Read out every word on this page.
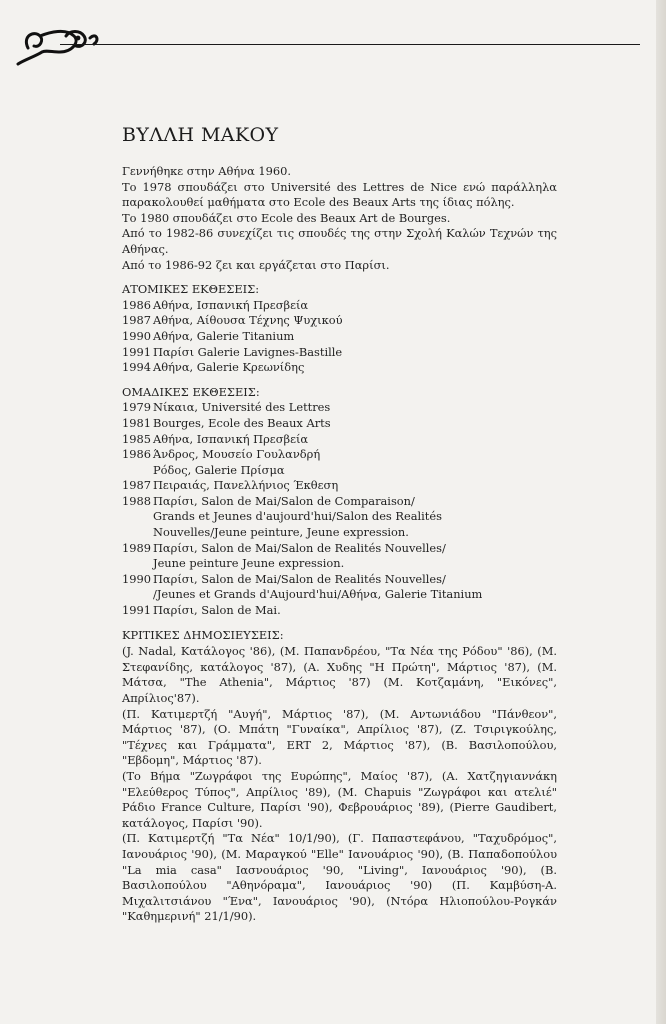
ΒΥΛΛΗ ΜΑΚΟΥ

Γεννήθηκε στην Αθήνα 1960.

Το 1978 σπουδάζει στο Université des Lettres de Nice ενώ παράλληλα παρακολουθεί μαθήματα στο Ecole des Beaux Arts της ίδιας πόλης.

Το 1980 σπουδάζει στο Ecole des Beaux Art de Bourges.

Από το 1982-86 συνεχίζει τις σπουδές της στην Σχολή Καλών Τεχνών της Αθήνας.

Από το 1986-92 ζει και εργάζεται στο Παρίσι.

ΑΤΟΜΙΚΕΣ ΕΚΘΕΣΕΙΣ:

1986 Αθήνα, Ισπανική Πρεσβεία
1987 Αθήνα, Αίθουσα Τέχνης Ψυχικού
1990 Αθήνα, Galerie Titanium
1991 Παρίσι Galerie Lavignes-Bastille
1994 Αθήνα, Galerie Κρεωνίδης

ΟΜΑΔΙΚΕΣ ΕΚΘΕΣΕΙΣ:

1979 Νίκαια, Université des Lettres
1981 Bourges, Ecole des Beaux Arts
1985 Αθήνα, Ισπανική Πρεσβεία
1986 Άνδρος, Μουσείο Γουλανδρή
Ρόδος, Galerie Πρίσμα
1987 Πειραιάς, Πανελλήνιος Έκθεση
1988 Παρίσι, Salon de Mai/Salon de Comparaison/
Grands et Jeunes d'aujourd'hui/Salon des Realités
Nouvelles/Jeune peinture, Jeune expression.
1989 Παρίσι, Salon de Mai/Salon de Realités Nouvelles/
Jeune peinture Jeune expression.
1990 Παρίσι, Salon de Mai/Salon de Realités Nouvelles/
/Jeunes et Grands d'Aujourd'hui/Αθήνα, Galerie Titanium
1991 Παρίσι, Salon de Mai.

ΚΡΙΤΙΚΕΣ ΔΗΜΟΣΙΕΥΣΕΙΣ:

(J. Nadal, Κατάλογος '86), (Μ. Παπανδρέου, "Τα Νέα της Ρόδου" '86), (Μ. Στεφανίδης, κατάλογος '87), (Α. Χυδης "Η Πρώτη", Μάρτιος '87), (Μ. Μάτσα, "The Athenia", Μάρτιος '87) (Μ. Κοτζαμάνη, "Εικόνες", Απρίλιος'87).

(Π. Κατιμερτζή "Αυγή", Μάρτιος '87), (Μ. Αντωνιάδου "Πάνθεον", Μάρτιος '87), (Ο. Μπάτη "Γυναίκα", Απρίλιος '87), (Ζ. Τσιριγκούλης, "Τέχνες και Γράμματα", ERT 2, Μάρτιος '87), (Β. Βασιλοπούλου, "Εβδομη", Μάρτιος '87).

(Το Βήμα "Ζωγράφοι της Ευρώπης", Μαίος '87), (Α. Χατζηγιαννάκη "Ελεύθερος Τύπος", Απρίλιος '89), (Μ. Chapuis "Ζωγράφοι και ατελιέ" Ράδιο France Culture, Παρίσι '90), Φεβρουάριος '89), (Pierre Gaudibert, κατάλογος, Παρίσι '90).

(Π. Κατιμερτζή "Τα Νέα" 10/1/90), (Γ. Παπαστεφάνου, "Ταχυδρόμος", Ιανουάριος '90), (Μ. Μαραγκού "Elle" Ιανουάριος '90), (Β. Παπαδοπούλου "La mia casa" Ιασνουάριος '90, "Living", Ιανουάριος '90), (Β. Βασιλοπούλου "Αθηνόραμα", Ιανουάριος '90) (Π. Καμβύση-Α. Μιχαλιτσιάνου "Ένα", Ιανουάριος '90), (Ντόρα Ηλιοπούλου-Ρογκάν "Καθημερινή" 21/1/90).
